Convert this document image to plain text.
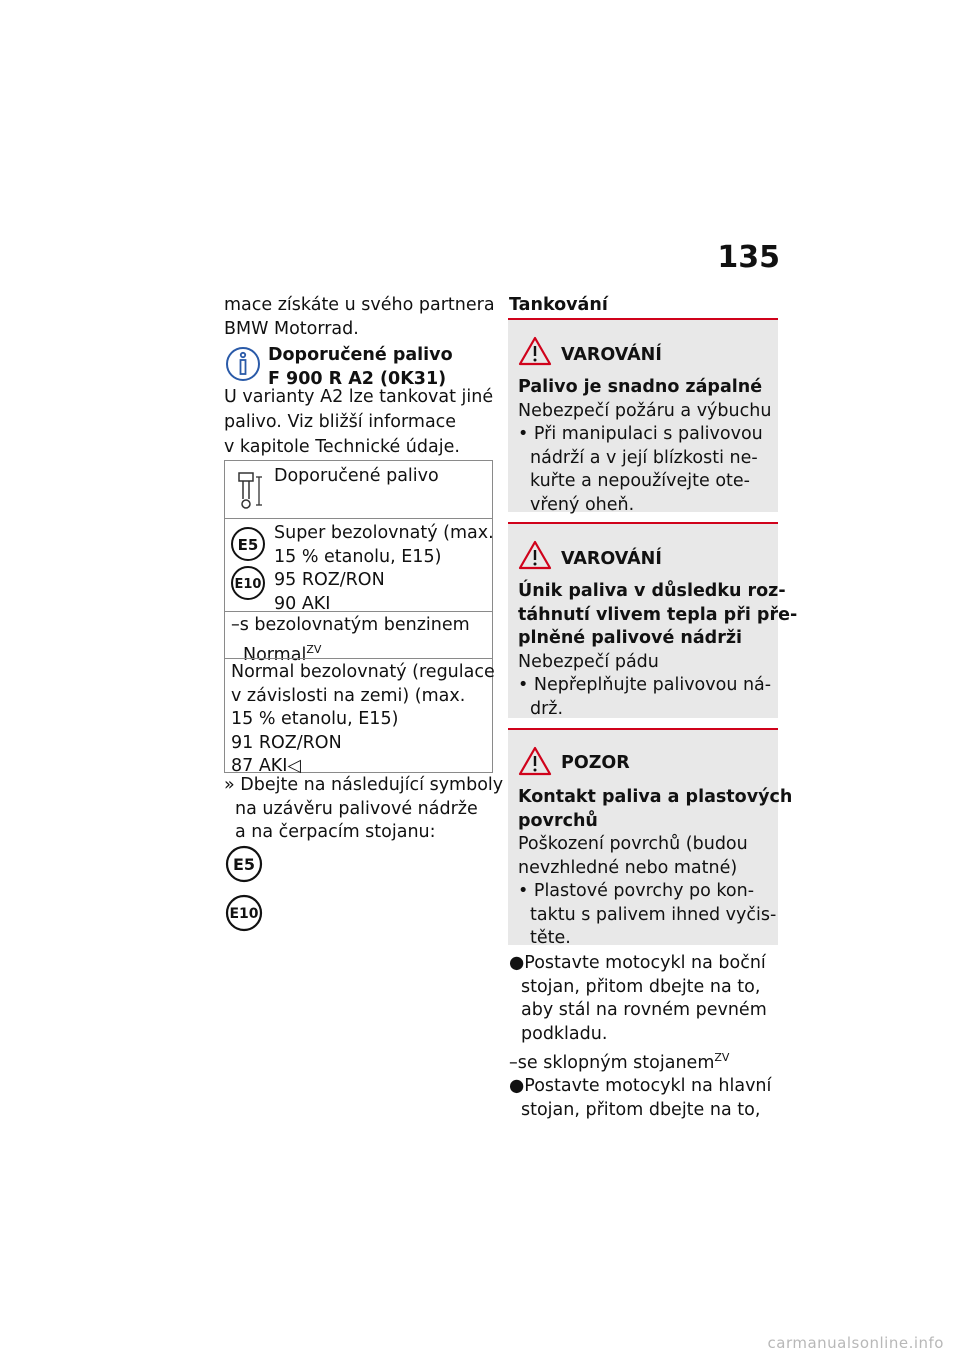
135
mace získáte u svého partnera
BMW Motorrad.
Doporučené palivo
F 900 R A2 (0K31)
U varianty A2 lze tankovat jiné
palivo. Viz bližší informace
v kapitole Technické údaje.
Doporučené palivo
E5
E10
Super bezolovnatý (max.
15 % etanolu, E15)
95 ROZ/RON
90 AKI
–s bezolovnatým benzinem
Normal$^{ZV}$
Normal bezolovnatý (regulace
v závislosti na zemi) (max.
15 % etanolu, E15)
91 ROZ/RON
87 AKI◁
» Dbejte na následující symboly
na uzávěru palivové nádrže
a na čerpacím stojanu:
E5
E10
Tankování
VAROVÁNÍ
Palivo je snadno zápalné
Nebezpečí požáru a výbuchu
• Při manipulaci s palivovou
nádrží a v její blízkosti ne-
kuřte a nepoužívejte ote-
vřený oheň.
VAROVÁNÍ
Únik paliva v důsledku roz-
táhnutí vlivem tepla při pře-
plněné palivové nádrži
Nebezpečí pádu
• Nepřeplňujte palivovou ná-
drž.
POZOR
Kontakt paliva a plastových
povrchů
Poškození povrchů (budou
nevzhledné nebo matné)
• Plastové povrchy po kon-
taktu s palivem ihned vyčis-
těte.
●Postavte motocykl na boční
stojan, přitom dbejte na to,
aby stál na rovném pevném
podkladu.
–se sklopným stojanem$^{ZV}$
●Postavte motocykl na hlavní
stojan, přitom dbejte na to,
carmanualsonline.info
